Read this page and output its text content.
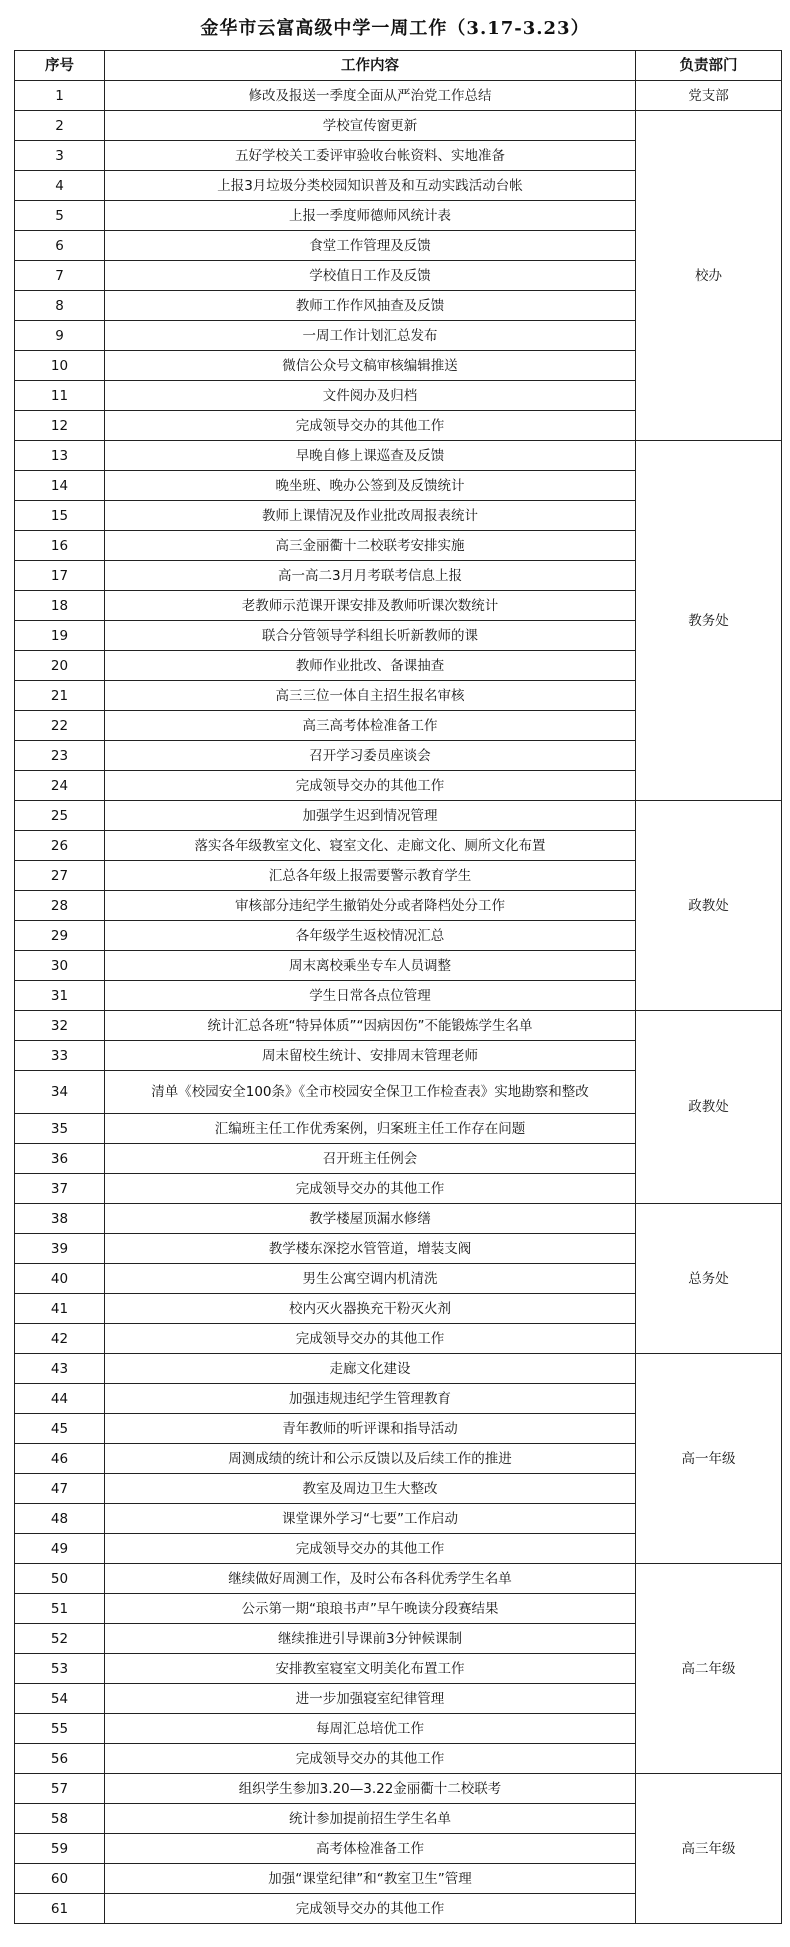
金华市云富高级中学一周工作（3.17-3.23）
序号	工作内容	负责部门
1	修改及报送一季度全面从严治党工作总结	党支部
2	学校宣传窗更新	校办
3	五好学校关工委评审验收台帐资料、实地准备	
4	上报3月垃圾分类校园知识普及和互动实践活动台帐	
5	上报一季度师德师风统计表	
6	食堂工作管理及反馈	
7	学校值日工作及反馈	
8	教师工作作风抽查及反馈	
9	一周工作计划汇总发布	
10	微信公众号文稿审核编辑推送	
11	文件阅办及归档	
12	完成领导交办的其他工作	
13	早晚自修上课巡查及反馈	教务处
14	晚坐班、晚办公签到及反馈统计	
15	教师上课情况及作业批改周报表统计	
16	高三金丽衢十二校联考安排实施	
17	高一高二3月月考联考信息上报	
18	老教师示范课开课安排及教师听课次数统计	
19	联合分管领导学科组长听新教师的课	
20	教师作业批改、备课抽查	
21	高三三位一体自主招生报名审核	
22	高三高考体检准备工作	
23	召开学习委员座谈会	
24	完成领导交办的其他工作	
25	加强学生迟到情况管理	政教处
26	落实各年级教室文化、寝室文化、走廊文化、厕所文化布置	
27	汇总各年级上报需要警示教育学生	
28	审核部分违纪学生撤销处分或者降档处分工作	
29	各年级学生返校情况汇总	
30	周末离校乘坐专车人员调整	
31	学生日常各点位管理	
32	统计汇总各班“特异体质”“因病因伤”不能锻炼学生名单	政教处
33	周末留校生统计、安排周末管理老师	
34	清单《校园安全100条》《全市校园安全保卫工作检查表》实地勘察和整改	
35	汇编班主任工作优秀案例，归案班主任工作存在问题	
36	召开班主任例会	
37	完成领导交办的其他工作	
38	教学楼屋顶漏水修缮	总务处
39	教学楼东深挖水管管道，增装支阀	
40	男生公寓空调内机清洗	
41	校内灭火器换充干粉灭火剂	
42	完成领导交办的其他工作	
43	走廊文化建设	高一年级
44	加强违规违纪学生管理教育	
45	青年教师的听评课和指导活动	
46	周测成绩的统计和公示反馈以及后续工作的推进	
47	教室及周边卫生大整改	
48	课堂课外学习“七要”工作启动	
49	完成领导交办的其他工作	
50	继续做好周测工作，及时公布各科优秀学生名单	高二年级
51	公示第一期“琅琅书声”早午晚读分段赛结果	
52	继续推进引导课前3分钟候课制	
53	安排教室寝室文明美化布置工作	
54	进一步加强寝室纪律管理	
55	每周汇总培优工作	
56	完成领导交办的其他工作	
57	组织学生参加3.20—3.22金丽衢十二校联考	高三年级
58	统计参加提前招生学生名单	
59	高考体检准备工作	
60	加强“课堂纪律”和“教室卫生”管理	
61	完成领导交办的其他工作	
